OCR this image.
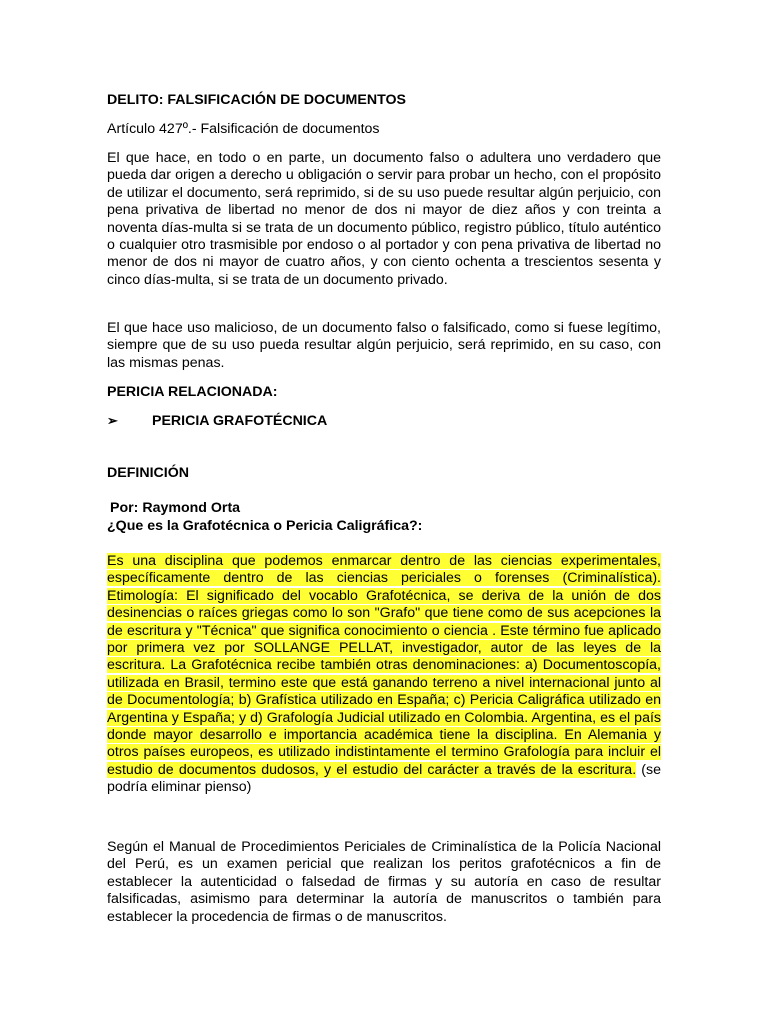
DELITO: FALSIFICACIÓN DE DOCUMENTOS
Artículo 427º.- Falsificación de documentos

El que hace, en todo o en parte, un documento falso o adultera uno verdadero que pueda dar origen a derecho u obligación o servir para probar un hecho, con el propósito de utilizar el documento, será reprimido, si de su uso puede resultar algún perjuicio, con pena privativa de libertad no menor de dos ni mayor de diez años y con treinta a noventa días-multa si se trata de un documento público, registro público, título auténtico o cualquier otro trasmisible por endoso o al portador y con pena privativa de libertad no menor de dos ni mayor de cuatro años, y con ciento ochenta a trescientos sesenta y cinco días-multa, si se trata de un documento privado.

El que hace uso malicioso, de un documento falso o falsificado, como si fuese legítimo, siempre que de su uso pueda resultar algún perjuicio, será reprimido, en su caso, con las mismas penas.

PERICIA RELACIONADA:
➢	PERICIA GRAFOTÉCNICA
DEFINICIÓN
Por: Raymond Orta
¿Que es la Grafotécnica o Pericia Caligráfica?:

Es una disciplina que podemos enmarcar dentro de las ciencias experimentales, específicamente dentro de las ciencias periciales o forenses (Criminalística). Etimología: El significado del vocablo Grafotécnica, se deriva de la unión de dos desinencias o raíces griegas como lo son "Grafo" que tiene como de sus acepciones la de escritura y "Técnica" que significa conocimiento o ciencia . Este término fue aplicado por primera vez por SOLLANGE PELLAT, investigador, autor de las leyes de la escritura. La Grafotécnica recibe también otras denominaciones: a) Documentoscopía, utilizada en Brasil, termino este que está ganando terreno a nivel internacional junto al de Documentología; b) Grafística utilizado en España; c) Pericia Caligráfica utilizado en Argentina y España; y d) Grafología Judicial utilizado en Colombia. Argentina, es el país donde mayor desarrollo e importancia académica tiene la disciplina. En Alemania y otros países europeos, es utilizado indistintamente el termino Grafología para incluir el estudio de documentos dudosos, y el estudio del carácter a través de la escritura. (se podría eliminar pienso)

Según el Manual de Procedimientos Periciales de Criminalística de la Policía Nacional del Perú, es un examen pericial que realizan los peritos grafotécnicos a fin de establecer la autenticidad o falsedad de firmas y su autoría en caso de resultar falsificadas, asimismo para determinar la autoría de manuscritos o también para establecer la procedencia de firmas o de manuscritos.
